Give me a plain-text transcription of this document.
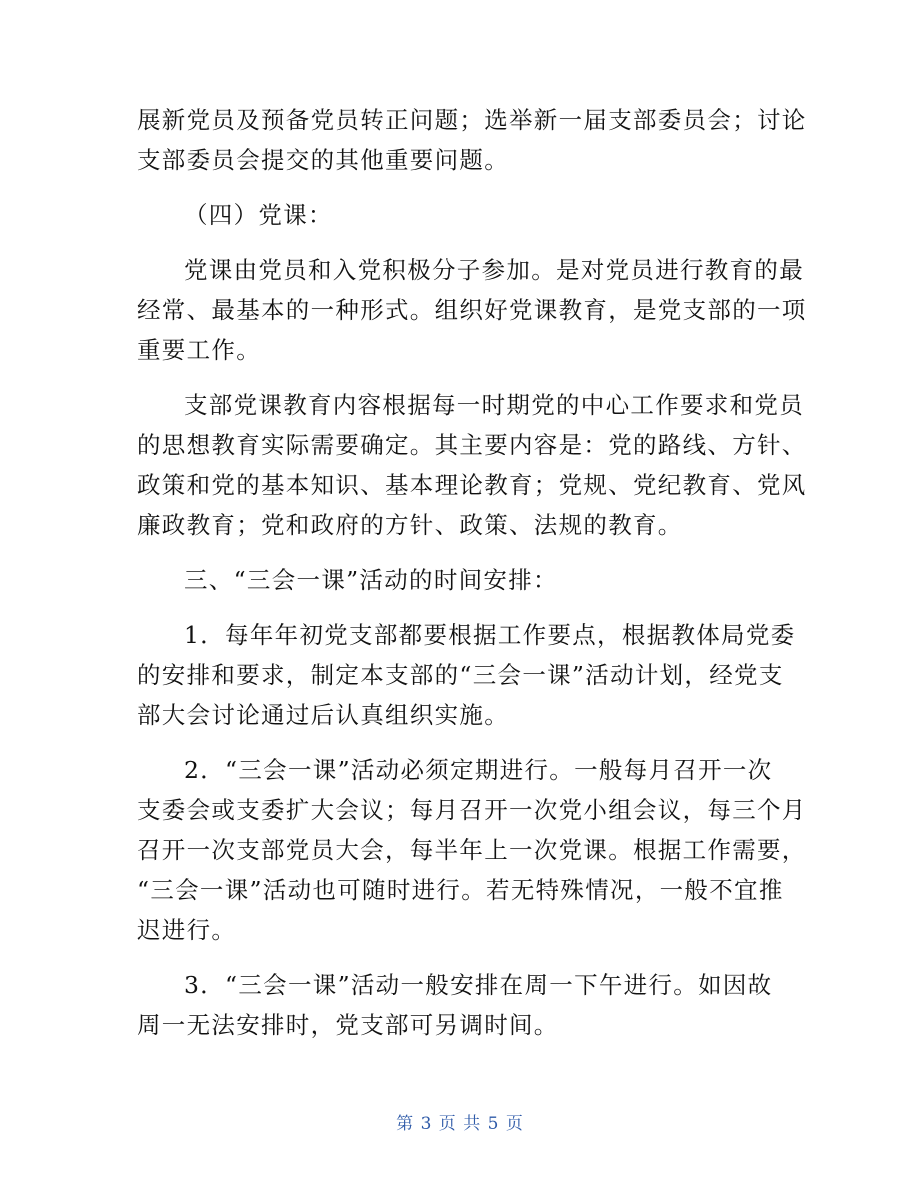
展新党员及预备党员转正问题；选举新一届支部委员会；讨论
支部委员会提交的其他重要问题。
（四）党课：
党课由党员和入党积极分子参加。是对党员进行教育的最
经常、最基本的一种形式。组织好党课教育，是党支部的一项
重要工作。
支部党课教育内容根据每一时期党的中心工作要求和党员
的思想教育实际需要确定。其主要内容是：党的路线、方针、
政策和党的基本知识、基本理论教育；党规、党纪教育、党风
廉政教育；党和政府的方针、政策、法规的教育。
三、“三会一课”活动的时间安排：
1．每年年初党支部都要根据工作要点，根据教体局党委
的安排和要求，制定本支部的“三会一课”活动计划，经党支
部大会讨论通过后认真组织实施。
2．“三会一课”活动必须定期进行。一般每月召开一次
支委会或支委扩大会议；每月召开一次党小组会议，每三个月
召开一次支部党员大会，每半年上一次党课。根据工作需要，
“三会一课”活动也可随时进行。若无特殊情况，一般不宜推
迟进行。
3．“三会一课”活动一般安排在周一下午进行。如因故
周一无法安排时，党支部可另调时间。
第 3 页 共 5 页
